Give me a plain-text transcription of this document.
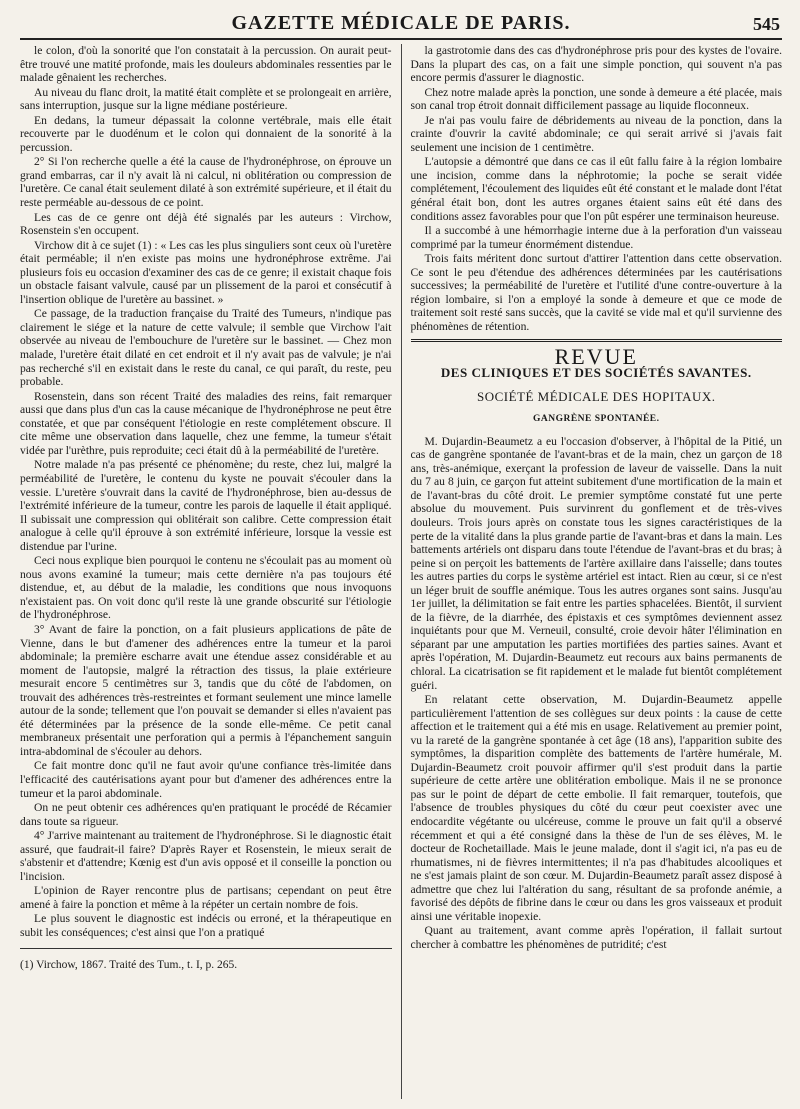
GAZETTE MÉDICALE DE PARIS.	545

le colon, d'où la sonorité que l'on constatait à la percussion. On aurait peut-être trouvé une matité profonde, mais les douleurs abdominales ressenties par le malade gênaient les recherches.

Au niveau du flanc droit, la matité était complète et se prolongeait en arrière, sans interruption, jusque sur la ligne médiane postérieure.

En dedans, la tumeur dépassait la colonne vertébrale, mais elle était recouverte par le duodénum et le colon qui donnaient de la sonorité à la percussion.

2° Si l'on recherche quelle a été la cause de l'hydronéphrose, on éprouve un grand embarras, car il n'y avait là ni calcul, ni oblitération ou compression de l'uretère. Ce canal était seulement dilaté à son extrémité supérieure, et il était du reste perméable au-dessous de ce point.

Les cas de ce genre ont déjà été signalés par les auteurs : Virchow, Rosenstein s'en occupent.

Virchow dit à ce sujet (1) : « Les cas les plus singuliers sont ceux où l'uretère était perméable; il n'en existe pas moins une hydronéphrose extrême. J'ai plusieurs fois eu occasion d'examiner des cas de ce genre; il existait chaque fois un obstacle faisant valvule, causé par un plissement de la paroi et consécutif à l'insertion oblique de l'uretère au bassinet. »

Ce passage, de la traduction française du Traité des Tumeurs, n'indique pas clairement le siége et la nature de cette valvule; il semble que Virchow l'ait observée au niveau de l'embouchure de l'uretère sur le bassinet. — Chez mon malade, l'uretère était dilaté en cet endroit et il n'y avait pas de valvule; je n'ai pas recherché s'il en existait dans le reste du canal, ce qui paraît, du reste, peu probable.

Rosenstein, dans son récent Traité des maladies des reins, fait remarquer aussi que dans plus d'un cas la cause mécanique de l'hydronéphrose ne peut être constatée, et que par conséquent l'étiologie en reste complétement obscure. Il cite même une observation dans laquelle, chez une femme, la tumeur s'était vidée par l'urèthre, puis reproduite; ceci était dû à la perméabilité de l'uretère.

Notre malade n'a pas présenté ce phénomène; du reste, chez lui, malgré la perméabilité de l'uretère, le contenu du kyste ne pouvait s'écouler dans la vessie. L'uretère s'ouvrait dans la cavité de l'hydronéphrose, bien au-dessus de l'extrémité inférieure de la tumeur, contre les parois de laquelle il était appliqué. Il subissait une compression qui oblitérait son calibre. Cette compression était analogue à celle qu'il éprouve à son extrémité inférieure, lorsque la vessie est distendue par l'urine.

Ceci nous explique bien pourquoi le contenu ne s'écoulait pas au moment où nous avons examiné la tumeur; mais cette dernière n'a pas toujours été distendue, et, au début de la maladie, les conditions que nous invoquons n'existaient pas. On voit donc qu'il reste là une grande obscurité sur l'étiologie de l'hydronéphrose.

3° Avant de faire la ponction, on a fait plusieurs applications de pâte de Vienne, dans le but d'amener des adhérences entre la tumeur et la paroi abdominale; la première escharre avait une étendue assez considérable et au moment de l'autopsie, malgré la rétraction des tissus, la plaie extérieure mesurait encore 5 centimètres sur 3, tandis que du côté de l'abdomen, on trouvait des adhérences très-restreintes et formant seulement une mince lamelle autour de la sonde; tellement que l'on pouvait se demander si elles n'avaient pas été déterminées par la présence de la sonde elle-même. Ce petit canal membraneux présentait une perforation qui a permis à l'épanchement sanguin intra-abdominal de s'écouler au dehors.

Ce fait montre donc qu'il ne faut avoir qu'une confiance très-limitée dans l'efficacité des cautérisations ayant pour but d'amener des adhérences entre la tumeur et la paroi abdominale.

On ne peut obtenir ces adhérences qu'en pratiquant le procédé de Récamier dans toute sa rigueur.

4° J'arrive maintenant au traitement de l'hydronéphrose. Si le diagnostic était assuré, que faudrait-il faire? D'après Rayer et Rosenstein, le mieux serait de s'abstenir et d'attendre; Kœnig est d'un avis opposé et il conseille la ponction ou l'incision.

L'opinion de Rayer rencontre plus de partisans; cependant on peut être amené à faire la ponction et même à la répéter un certain nombre de fois.

Le plus souvent le diagnostic est indécis ou erroné, et la thérapeutique en subit les conséquences; c'est ainsi que l'on a pratiqué

(1) Virchow, 1867. Traité des Tum., t. I, p. 265.

la gastrotomie dans des cas d'hydronéphrose pris pour des kystes de l'ovaire. Dans la plupart des cas, on a fait une simple ponction, qui souvent n'a pas encore permis d'assurer le diagnostic.

Chez notre malade après la ponction, une sonde à demeure a été placée, mais son canal trop étroit donnait difficilement passage au liquide floconneux.

Je n'ai pas voulu faire de débridements au niveau de la ponction, dans la crainte d'ouvrir la cavité abdominale; ce qui serait arrivé si j'avais fait seulement une incision de 1 centimètre.

L'autopsie a démontré que dans ce cas il eût fallu faire à la région lombaire une incision, comme dans la néphrotomie; la poche se serait vidée complétement, l'écoulement des liquides eût été constant et le malade dont l'état général était bon, dont les autres organes étaient sains eût été dans des conditions assez favorables pour que l'on pût espérer une terminaison heureuse.

Il a succombé à une hémorrhagie interne due à la perforation d'un vaisseau comprimé par la tumeur énormément distendue.

Trois faits méritent donc surtout d'attirer l'attention dans cette observation. Ce sont le peu d'étendue des adhérences déterminées par les cautérisations successives; la perméabilité de l'uretère et l'utilité d'une contre-ouverture à la région lombaire, si l'on a employé la sonde à demeure et que ce mode de traitement soit resté sans succès, que la cavité se vide mal et qu'il survienne des phénomènes de rétention.

REVUE
DES CLINIQUES ET DES SOCIÉTÉS SAVANTES.
SOCIÉTÉ MÉDICALE DES HOPITAUX.
GANGRÈNE SPONTANÉE.

M. Dujardin-Beaumetz a eu l'occasion d'observer, à l'hôpital de la Pitié, un cas de gangrène spontanée de l'avant-bras et de la main, chez un garçon de 18 ans, très-anémique, exerçant la profession de laveur de vaisselle. Dans la nuit du 7 au 8 juin, ce garçon fut atteint subitement d'une mortification de la main et de l'avant-bras du côté droit. Le premier symptôme constaté fut une perte absolue du mouvement. Puis survinrent du gonflement et de très-vives douleurs. Trois jours après on constate tous les signes caractéristiques de la perte de la vitalité dans la plus grande partie de l'avant-bras et dans la main. Les battements artériels ont disparu dans toute l'étendue de l'avant-bras et du bras; à peine si on perçoit les battements de l'artère axillaire dans l'aisselle; dans toutes les autres parties du corps le système artériel est intact. Rien au cœur, si ce n'est un léger bruit de souffle anémique. Tous les autres organes sont sains. Jusqu'au 1er juillet, la délimitation se fait entre les parties sphacelées. Bientôt, il survient de la fièvre, de la diarrhée, des épistaxis et ces symptômes deviennent assez inquiétants pour que M. Verneuil, consulté, croie devoir hâter l'élimination en séparant par une amputation les parties mortifiées des parties saines. Avant et après l'opération, M. Dujardin-Beaumetz eut recours aux bains permanents de chloral. La cicatrisation se fit rapidement et le malade fut bientôt complétement guéri.

En relatant cette observation, M. Dujardin-Beaumetz appelle particulièrement l'attention de ses collègues sur deux points : la cause de cette affection et le traitement qui a été mis en usage. Relativement au premier point, vu la rareté de la gangrène spontanée à cet âge (18 ans), l'apparition subite des symptômes, la disparition complète des battements de l'artère humérale, M. Dujardin-Beaumetz croit pouvoir affirmer qu'il s'est produit dans la partie supérieure de cette artère une oblitération embolique. Mais il ne se prononce pas sur le point de départ de cette embolie. Il fait remarquer, toutefois, que l'absence de troubles physiques du côté du cœur peut coexister avec une endocardite végétante ou ulcéreuse, comme le prouve un fait qu'il a observé récemment et qui a été consigné dans la thèse de l'un de ses élèves, M. le docteur de Rochetaillade. Mais le jeune malade, dont il s'agit ici, n'a pas eu de rhumatismes, ni de fièvres intermittentes; il n'a pas d'habitudes alcooliques et ne s'est jamais plaint de son cœur. M. Dujardin-Beaumetz paraît assez disposé à admettre que chez lui l'altération du sang, résultant de sa profonde anémie, a favorisé des dépôts de fibrine dans le cœur ou dans les gros vaisseaux et produit ainsi une véritable inopexie.

Quant au traitement, avant comme après l'opération, il fallait surtout chercher à combattre les phénomènes de putridité; c'est
